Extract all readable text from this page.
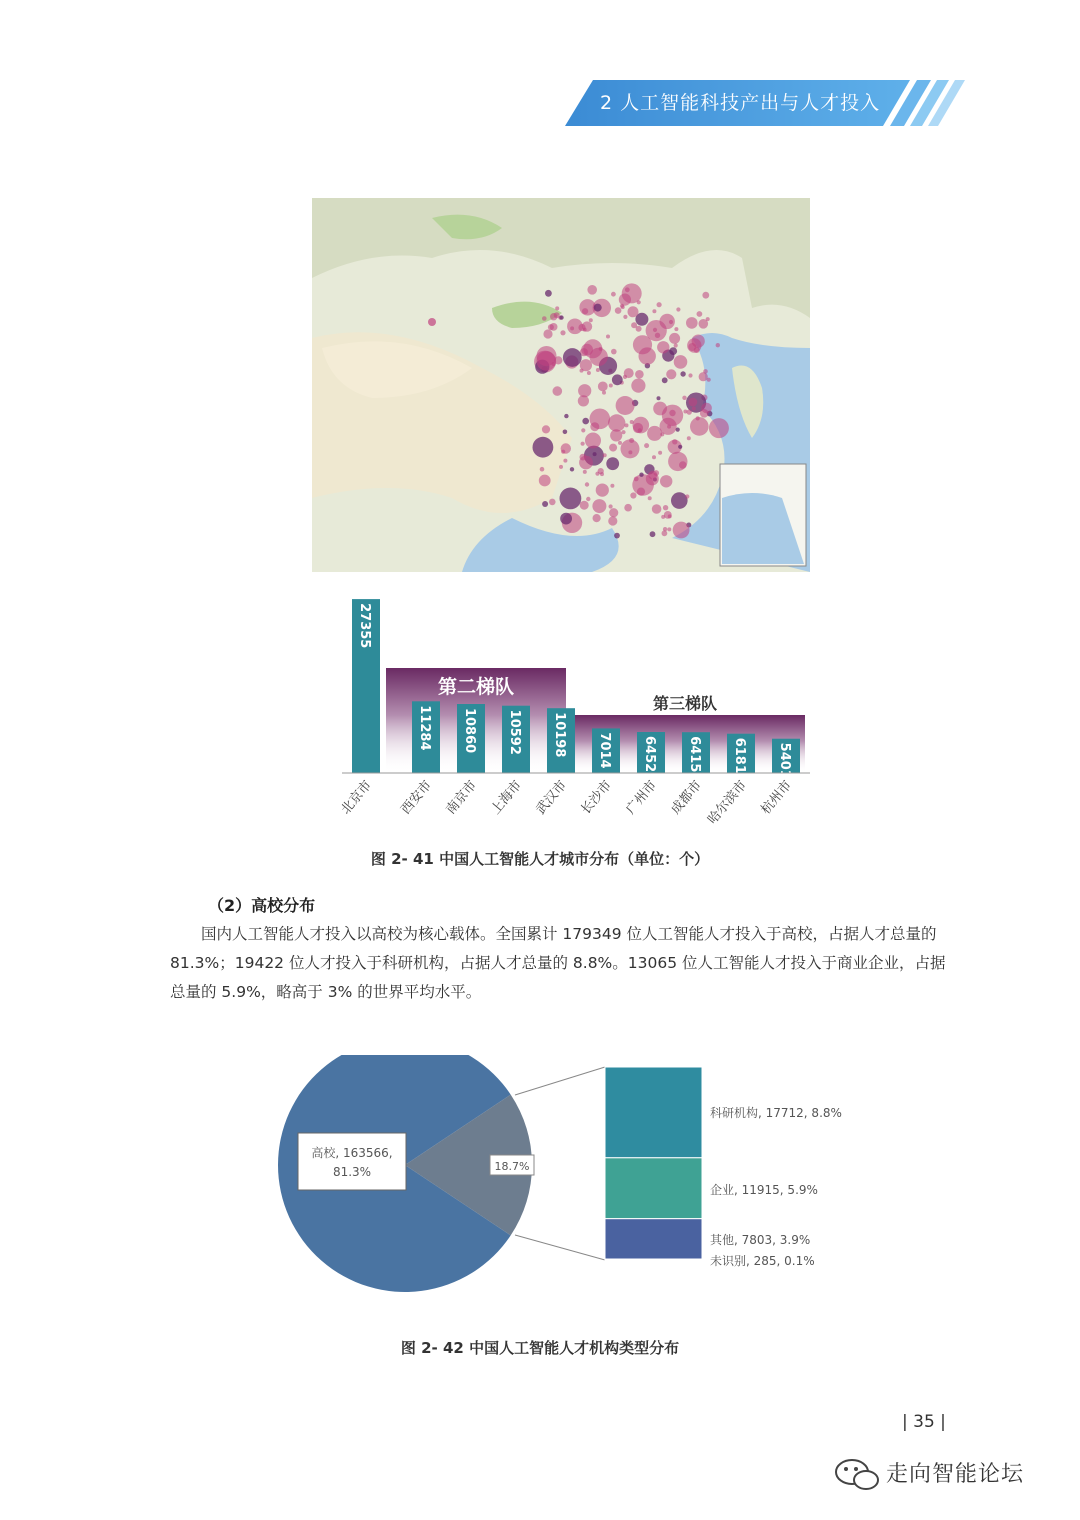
2 人工智能科技产出与人才投入
第二梯队
第三梯队
27355
北京市
11284
西安市
10860
南京市
10592
上海市
10198
武汉市
7014
长沙市
6452
广州市
6415
成都市
6181
哈尔滨市
5401
杭州市
图 2- 41 中国人工智能人才城市分布（单位：个）
（2）高校分布
国内人工智能人才投入以高校为核心载体。全国累计 179349 位人工智能人才投入于高校，占据人才总量的 81.3%；19422 位人才投入于科研机构，占据人才总量的 8.8%。13065 位人工智能人才投入于商业企业，占据总量的 5.9%，略高于 3% 的世界平均水平。
高校, 163566,
81.3%	18.7%
科研机构, 17712, 8.8%
企业, 11915, 5.9%
其他, 7803, 3.9%
未识别, 285, 0.1%
图 2- 42 中国人工智能人才机构类型分布
| 35 |
走向智能论坛
